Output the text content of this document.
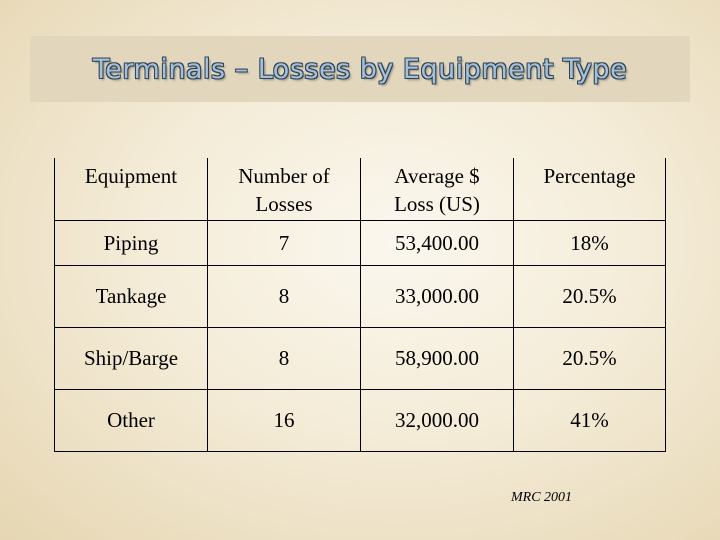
Terminals – Losses by Equipment Type
Equipment	Number of Losses	Average $ Loss (US)	Percentage

Piping	7	53,400.00	18%
Tankage	8	33,000.00	20.5%
Ship/Barge	8	58,900.00	20.5%
Other	16	32,000.00	41%
MRC 2001
